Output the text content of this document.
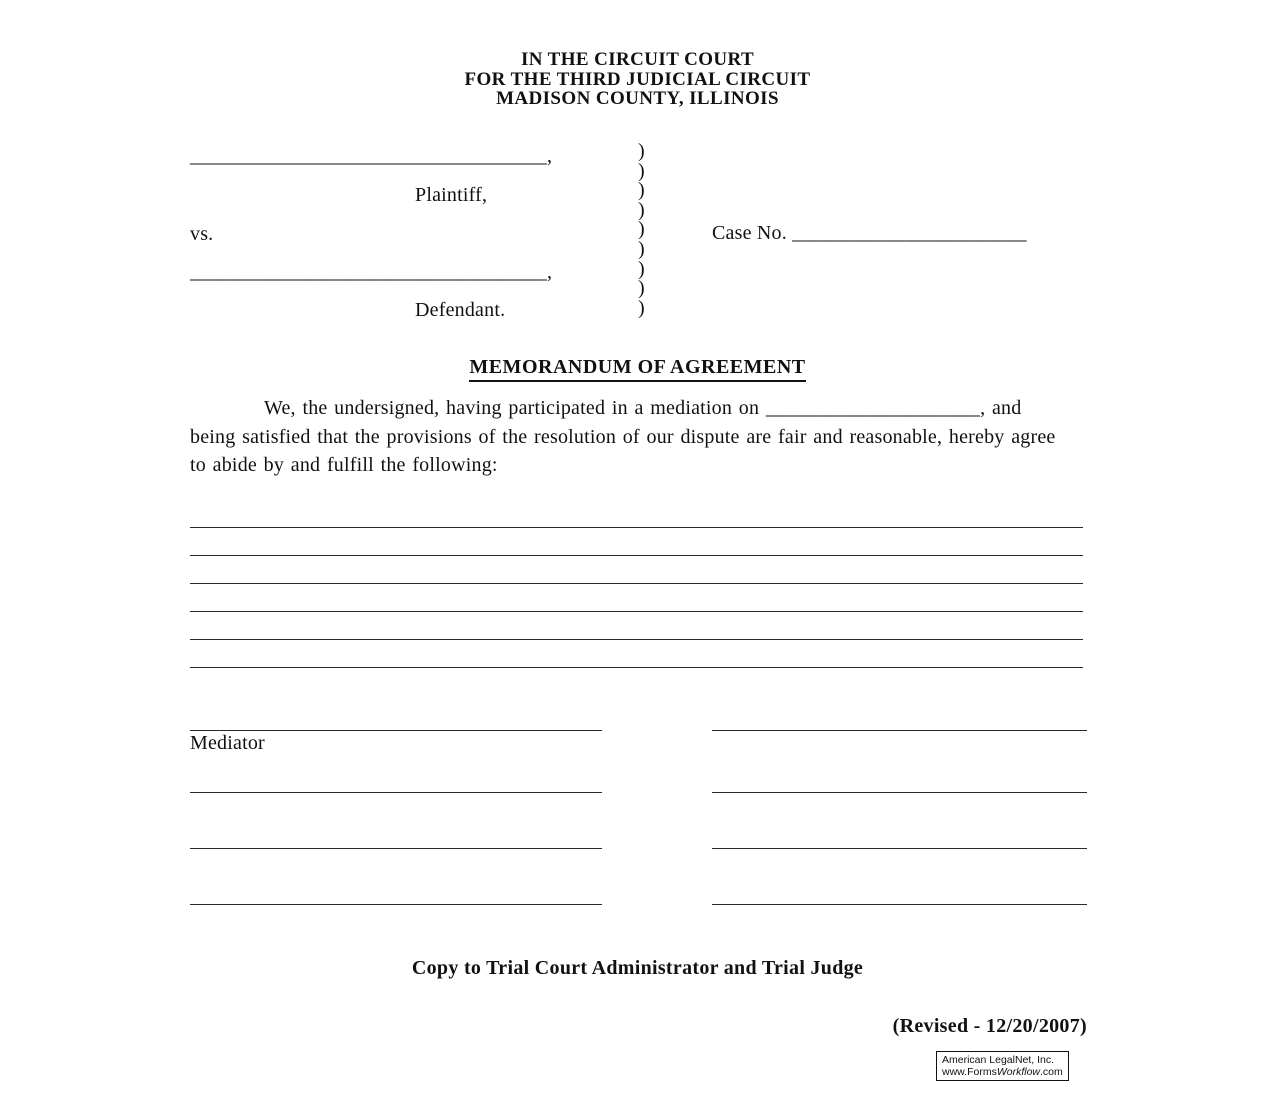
IN THE CIRCUIT COURT
FOR THE THIRD JUDICIAL CIRCUIT
MADISON COUNTY, ILLINOIS
___________________________________,
Plaintiff,
vs.	Case No. _______________________
___________________________________,
Defendant.
)
)
)
)
)
)
)
)
)
MEMORANDUM OF AGREEMENT
We, the undersigned, having participated in a mediation on _____________________, and being satisfied that the provisions of the resolution of our dispute are fair and reasonable, hereby agree to abide by and fulfill the following:
Mediator
Copy to Trial Court Administrator and Trial Judge
(Revised - 12/20/2007)
American LegalNet, Inc.
www.FormsWorkflow.com
